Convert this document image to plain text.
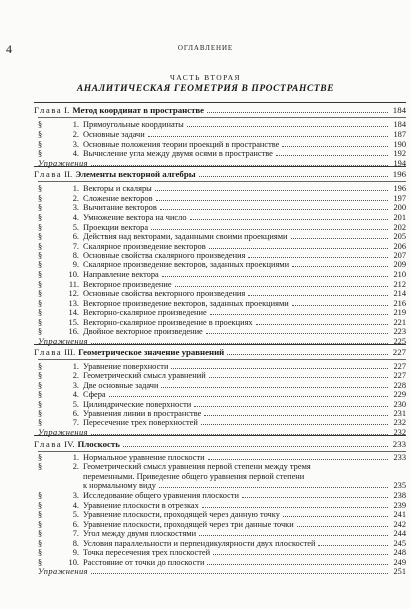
4	ОГЛАВЛЕНИЕ
ЧАСТЬ ВТОРАЯ
АНАЛИТИЧЕСКАЯ ГЕОМЕТРИЯ В ПРОСТРАНСТВЕ
Глава I. Метод координат в пространстве	184
§	1. Прямоугольные координаты	184
§	2. Основные задачи	187
§	3. Основные положения теории проекций в пространстве	190
§	4. Вычисление угла между двумя осями в пространстве	192
Упражнения	194
Глава II. Элементы векторной алгебры	196
§	1. Векторы и скаляры	196
§	2. Сложение векторов	197
§	3. Вычитание векторов	200
§	4. Умножение вектора на число	201
§	5. Проекции вектора	202
§	6. Действия над векторами, заданными своими проекциями	205
§	7. Скалярное произведение векторов	206
§	8. Основные свойства скалярного произведения	207
§	9. Скалярное произведение векторов, заданных проекциями	209
§	10. Направление вектора	210
§	11. Векторное произведение	212
§	12. Основные свойства векторного произведения	214
§	13. Векторное произведение векторов, заданных проекциями	216
§	14. Векторно-скалярное произведение	219
§	15. Векторно-скалярное произведение в проекциях	221
§	16. Двойное векторное произведение	223
Упражнения	225
Глава III. Геометрическое значение уравнений	227
§	1. Уравнение поверхности	227
§	2. Геометрический смысл уравнений	227
§	3. Две основные задачи	228
§	4. Сфера	229
§	5. Цилиндрические поверхности	230
§	6. Уравнения линии в пространстве	231
§	7. Пересечение трех поверхностей	232
Упражнения	232
Глава IV. Плоскость	233
§	1. Нормальное уравнение плоскости	233
§	2. Геометрический смысл уравнения первой степени между тремя
переменными. Приведение общего уравнения первой степени
к нормальному виду	235
§	3. Исследование общего уравнения плоскости	238
§	4. Уравнение плоскости в отрезках	239
§	5. Уравнение плоскости, проходящей через данную точку	241
§	6. Уравнение плоскости, проходящей через три данные точки	242
§	7. Угол между двумя плоскостями	244
§	8. Условия параллельности и перпендикулярности двух плоскостей	245
§	9. Точка пересечения трех плоскостей	248
§	10. Расстояние от точки до плоскости	249
Упражнения	251
